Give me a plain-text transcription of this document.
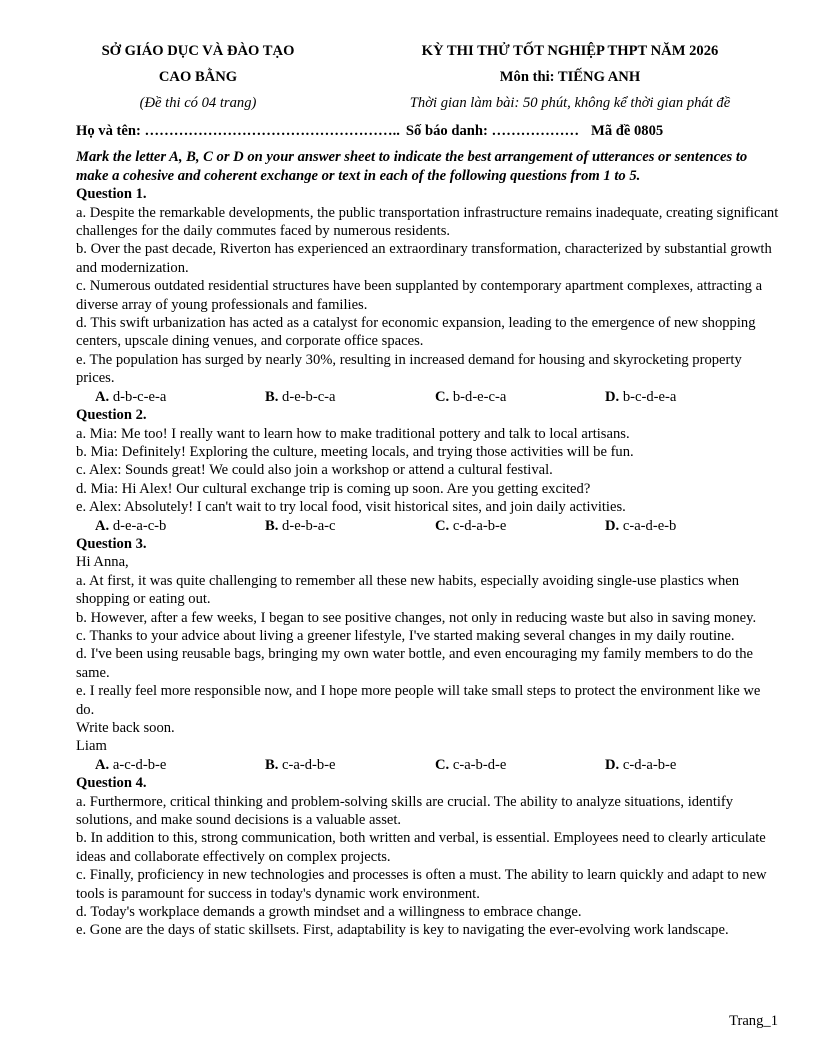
SỞ GIÁO DỤC VÀ ĐÀO TẠO
CAO BẰNG
(Đề thi có 04 trang)
KỲ THI THỬ TỐT NGHIỆP THPT NĂM 2026
Môn thi: TIẾNG ANH
Thời gian làm bài: 50 phút, không kể thời gian phát đề
Họ và tên: …………………………………………….. Số báo danh: ……………… Mã đề 0805

Mark the letter A, B, C or D on your answer sheet to indicate the best arrangement of utterances or sentences to make a cohesive and coherent exchange or text in each of the following questions from 1 to 5.

Question 1.

a. Despite the remarkable developments, the public transportation infrastructure remains inadequate, creating significant challenges for the daily commutes faced by numerous residents.

b. Over the past decade, Riverton has experienced an extraordinary transformation, characterized by substantial growth and modernization.

c. Numerous outdated residential structures have been supplanted by contemporary apartment complexes, attracting a diverse array of young professionals and families.

d. This swift urbanization has acted as a catalyst for economic expansion, leading to the emergence of new shopping centers, upscale dining venues, and corporate office spaces.

e. The population has surged by nearly 30%, resulting in increased demand for housing and skyrocketing property prices.

A. d-b-c-e-a	B. d-e-b-c-a	C. b-d-e-c-a	D. b-c-d-e-a
Question 2.

a. Mia: Me too! I really want to learn how to make traditional pottery and talk to local artisans.

b. Mia: Definitely! Exploring the culture, meeting locals, and trying those activities will be fun.

c. Alex: Sounds great! We could also join a workshop or attend a cultural festival.

d. Mia: Hi Alex! Our cultural exchange trip is coming up soon. Are you getting excited?

e. Alex: Absolutely! I can't wait to try local food, visit historical sites, and join daily activities.

A. d-e-a-c-b	B. d-e-b-a-c	C. c-d-a-b-e	D. c-a-d-e-b
Question 3.

Hi Anna,

a. At first, it was quite challenging to remember all these new habits, especially avoiding single-use plastics when shopping or eating out.

b. However, after a few weeks, I began to see positive changes, not only in reducing waste but also in saving money.

c. Thanks to your advice about living a greener lifestyle, I've started making several changes in my daily routine.

d. I've been using reusable bags, bringing my own water bottle, and even encouraging my family members to do the same.

e. I really feel more responsible now, and I hope more people will take small steps to protect the environment like we do.

Write back soon.

Liam

A. a-c-d-b-e	B. c-a-d-b-e	C. c-a-b-d-e	D. c-d-a-b-e
Question 4.

a. Furthermore, critical thinking and problem-solving skills are crucial. The ability to analyze situations, identify solutions, and make sound decisions is a valuable asset.

b. In addition to this, strong communication, both written and verbal, is essential. Employees need to clearly articulate ideas and collaborate effectively on complex projects.

c. Finally, proficiency in new technologies and processes is often a must. The ability to learn quickly and adapt to new tools is paramount for success in today's dynamic work environment.

d. Today's workplace demands a growth mindset and a willingness to embrace change.

e. Gone are the days of static skillsets. First, adaptability is key to navigating the ever-evolving work landscape.

Trang_1
